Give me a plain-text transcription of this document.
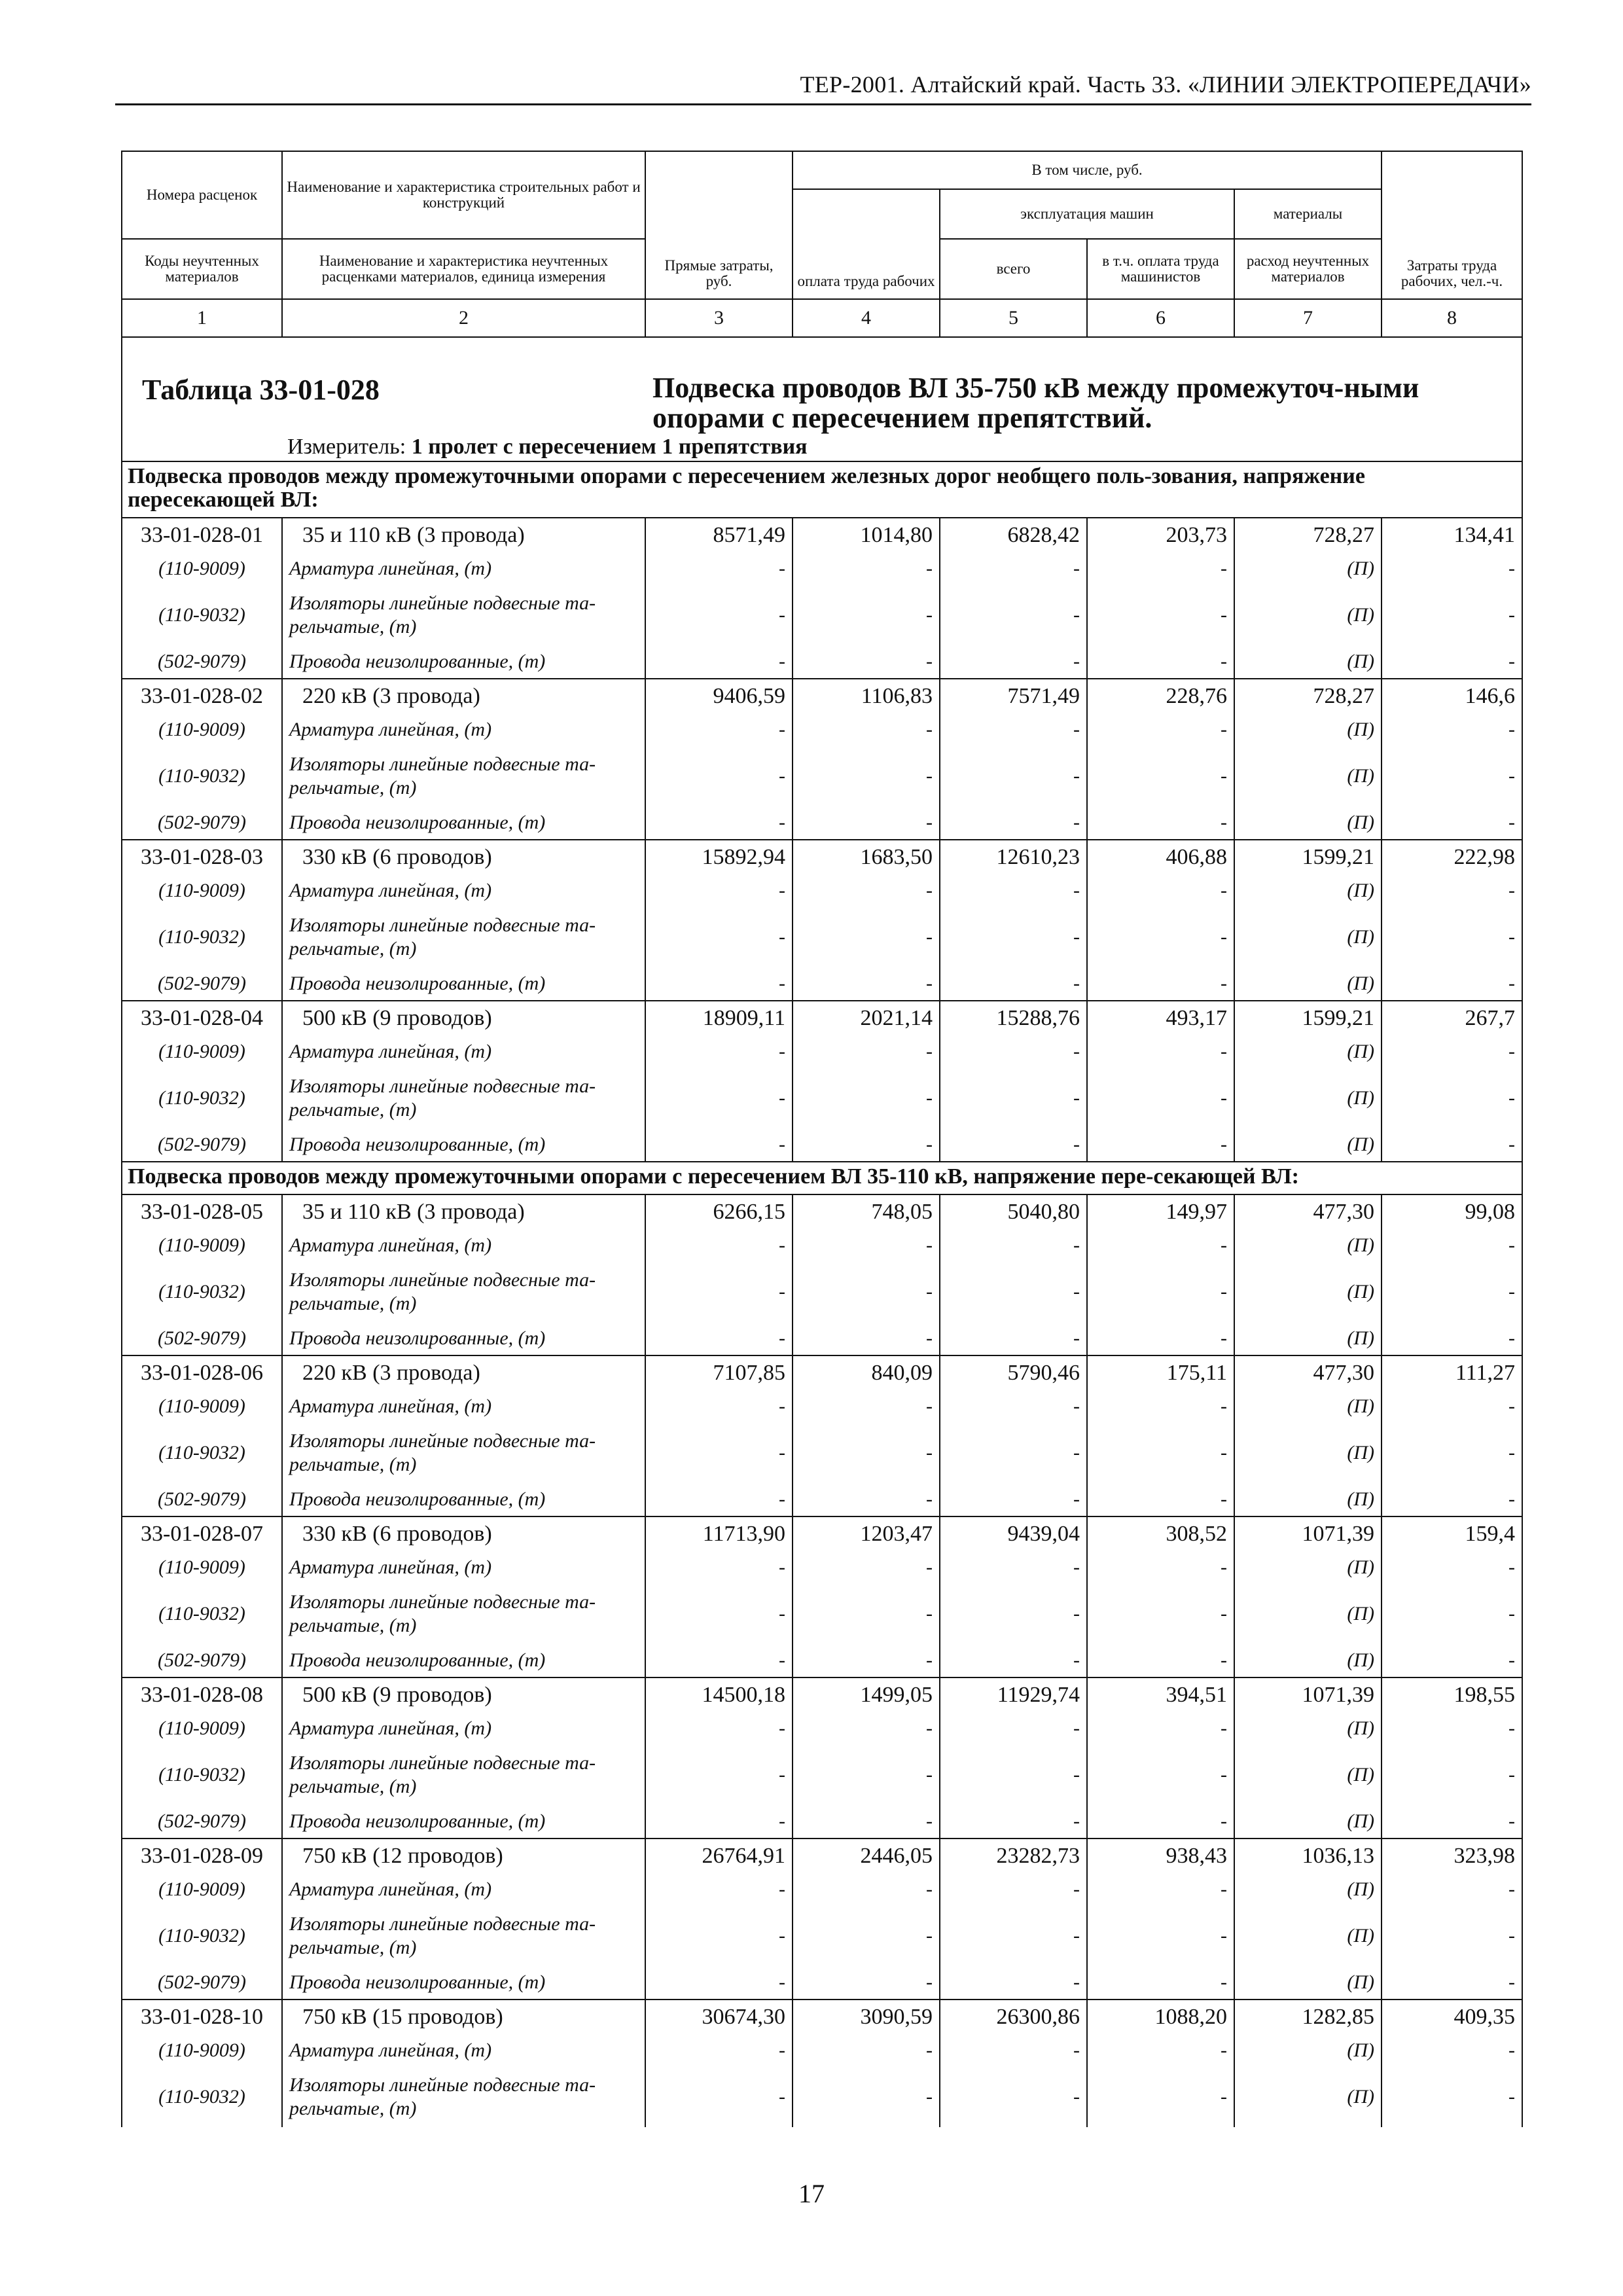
ТЕР-2001. Алтайский край. Часть 33. «ЛИНИИ ЭЛЕКТРОПЕРЕДАЧИ»
Номера расценок	Наименование и характеристика строительных работ и конструкций	Прямые затраты, руб.	В том числе, руб.				Затраты труда рабочих, чел.-ч.
			оплата труда рабочих	эксплуатация машин		материалы	
Коды неучтенных материалов	Наименование и характеристика неучтенных расценками материалов, единица измерения			всего	в т.ч. оплата труда машинистов	расход неучтенных материалов	
1	2	3	4	5	6	7	8

Таблица 33-01-028 Подвеска проводов ВЛ 35-750 кВ между промежуточ-ными опорами с пересечением препятствий.
Измеритель: 1 пролет с пересечением 1 препятствия							

Подвеска проводов между промежуточными опорами с пересечением железных дорог необщего поль-зования, напряжение пересекающей ВЛ:							
33-01-028-01	35 и 110 кВ (3 провода)	8571,49	1014,80	6828,42	203,73	728,27	134,41
(110-9009)	Арматура линейная, (т)	-	-	-	-	(П)	-
(110-9032)	Изоляторы линейные подвесные та-рельчатые, (т)	-	-	-	-	(П)	-
(502-9079)	Провода неизолированные, (т)	-	-	-	-	(П)	-
33-01-028-02	220 кВ (3 провода)	9406,59	1106,83	7571,49	228,76	728,27	146,6
(110-9009)	Арматура линейная, (т)	-	-	-	-	(П)	-
(110-9032)	Изоляторы линейные подвесные та-рельчатые, (т)	-	-	-	-	(П)	-
(502-9079)	Провода неизолированные, (т)	-	-	-	-	(П)	-
33-01-028-03	330 кВ (6 проводов)	15892,94	1683,50	12610,23	406,88	1599,21	222,98
(110-9009)	Арматура линейная, (т)	-	-	-	-	(П)	-
(110-9032)	Изоляторы линейные подвесные та-рельчатые, (т)	-	-	-	-	(П)	-
(502-9079)	Провода неизолированные, (т)	-	-	-	-	(П)	-
33-01-028-04	500 кВ (9 проводов)	18909,11	2021,14	15288,76	493,17	1599,21	267,7
(110-9009)	Арматура линейная, (т)	-	-	-	-	(П)	-
(110-9032)	Изоляторы линейные подвесные та-рельчатые, (т)	-	-	-	-	(П)	-
(502-9079)	Провода неизолированные, (т)	-	-	-	-	(П)	-
Подвеска проводов между промежуточными опорами с пересечением ВЛ 35-110 кВ, напряжение пере-секающей ВЛ:							
33-01-028-05	35 и 110 кВ (3 провода)	6266,15	748,05	5040,80	149,97	477,30	99,08
(110-9009)	Арматура линейная, (т)	-	-	-	-	(П)	-
(110-9032)	Изоляторы линейные подвесные та-рельчатые, (т)	-	-	-	-	(П)	-
(502-9079)	Провода неизолированные, (т)	-	-	-	-	(П)	-
33-01-028-06	220 кВ (3 провода)	7107,85	840,09	5790,46	175,11	477,30	111,27
(110-9009)	Арматура линейная, (т)	-	-	-	-	(П)	-
(110-9032)	Изоляторы линейные подвесные та-рельчатые, (т)	-	-	-	-	(П)	-
(502-9079)	Провода неизолированные, (т)	-	-	-	-	(П)	-
33-01-028-07	330 кВ (6 проводов)	11713,90	1203,47	9439,04	308,52	1071,39	159,4
(110-9009)	Арматура линейная, (т)	-	-	-	-	(П)	-
(110-9032)	Изоляторы линейные подвесные та-рельчатые, (т)	-	-	-	-	(П)	-
(502-9079)	Провода неизолированные, (т)	-	-	-	-	(П)	-
33-01-028-08	500 кВ (9 проводов)	14500,18	1499,05	11929,74	394,51	1071,39	198,55
(110-9009)	Арматура линейная, (т)	-	-	-	-	(П)	-
(110-9032)	Изоляторы линейные подвесные та-рельчатые, (т)	-	-	-	-	(П)	-
(502-9079)	Провода неизолированные, (т)	-	-	-	-	(П)	-
33-01-028-09	750 кВ (12 проводов)	26764,91	2446,05	23282,73	938,43	1036,13	323,98
(110-9009)	Арматура линейная, (т)	-	-	-	-	(П)	-
(110-9032)	Изоляторы линейные подвесные та-рельчатые, (т)	-	-	-	-	(П)	-
(502-9079)	Провода неизолированные, (т)	-	-	-	-	(П)	-
33-01-028-10	750 кВ (15 проводов)	30674,30	3090,59	26300,86	1088,20	1282,85	409,35
(110-9009)	Арматура линейная, (т)	-	-	-	-	(П)	-
(110-9032)	Изоляторы линейные подвесные та-рельчатые, (т)	-	-	-	-	(П)	-
17
